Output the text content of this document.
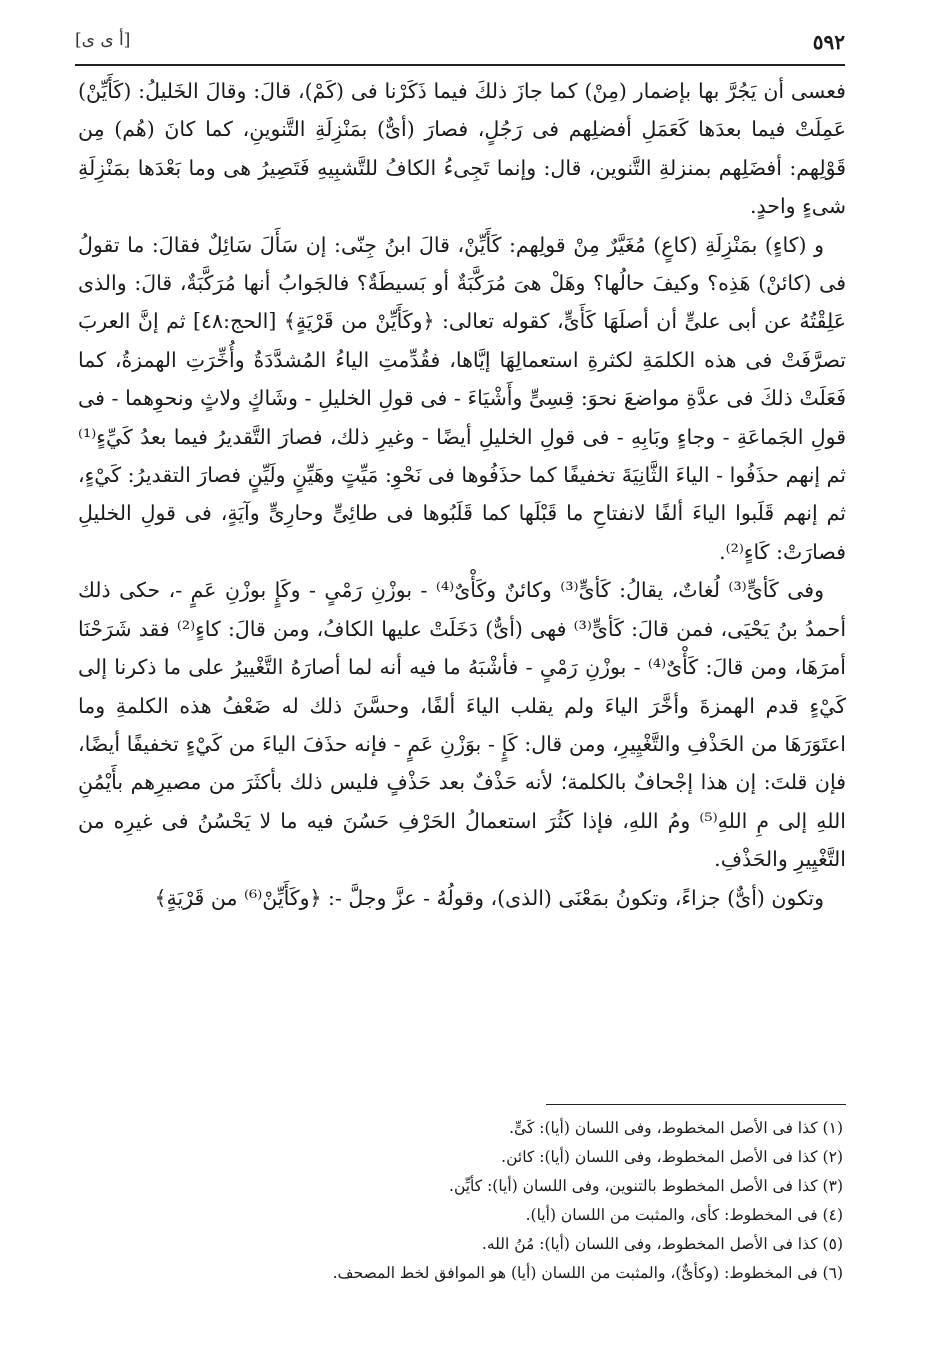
[أ ى ى]	٥٩٢

فعسى أن يَجُرَّ بها بإضمار (مِنْ) كما جازَ ذلكَ فيما ذَكَرْنا فى (كَمْ)، قالَ: وقالَ الخَليلُ: (كَأَيِّنْ) عَمِلَتْ فيما بعدَها كَعَمَلِ أفضلِهم فى رَجُلٍ، فصارَ (أىٌّ) بمَنْزِلَةِ التَّنوينِ، كما كانَ (هُم) مِن قَوْلِهم: أفضَلِهم بمنزلةِ التَّنوين، قال: وإنما تَجِىءُ الكافُ للتَّشبِيهِ فَتَصِيرُ هى وما بَعْدَها بمَنْزِلَةِ شىءٍ واحدٍ.

و (كاءٍ) بمَنْزِلَةِ (كاعٍ) مُغَيَّرٌ مِنْ قولِهم: كَأَيِّنْ، قالَ ابنُ جِنّى: إن سَأَلَ سَائِلٌ فقالَ: ما تقولُ فى (كائنْ) هَذِه؟ وكيفَ حالُها؟ وهَلْ هىَ مُرَكَّبَةٌ أو بَسيطَةٌ؟ فالجَوابُ أنها مُرَكَّبَةٌ، قالَ: والذى عَلِقْتُهُ عن أبى علىٍّ أن أصلَهَا كَأَىٍّ، كقوله تعالى: ﴿وكَأَيِّنْ من قَرْيَةٍ﴾ [الحج:٤٨] ثم إنَّ العربَ تصرَّفَتْ فى هذه الكلمَةِ لكثرةِ استعمالِهَا إيَّاها، فقُدِّمتِ الياءُ المُشدَّدَةُ وأُخِّرَتِ الهمزةُ، كما فَعَلَتْ ذلكَ فى عدَّةِ مواضعَ نحوَ: قِسِىٍّ وأَشْيَاءَ - فى قولِ الخليلِ - وشَاكٍ ولاثٍ ونحوِهما - فى قولِ الجَماعَةِ - وجاءٍ وبَابِهِ - فى قولِ الخليلِ أيضًا - وغيرِ ذلك، فصارَ التَّقديرُ فيما بعدُ كَيِّءٍ⁽¹⁾ ثم إنهم حذَفُوا - الياءَ الثَّانِيَةَ تخفيفًا كما حذَفُوها فى نَحْوِ: مَيِّتٍ وهَيِّنٍ ولَيِّنٍ فصارَ التقديرُ: كَيْءٍ، ثم إنهم قَلَبوا الياءَ ألفًا لانفتاحِ ما قَبْلَها كما قَلَبُوها فى طائِىٍّ وحارِىٍّ وآيَةٍ، فى قولِ الخليلِ فصارَتْ: كَاءٍ⁽²⁾.

وفى كَأىٍّ⁽³⁾ لُغاتٌ، يقالُ: كَأىٍّ⁽³⁾ وكائنٌ وكَأْىٌ⁽⁴⁾ - بوزْنِ رَمْىٍ - وكَإٍ بوزْنِ عَمٍ -، حكى ذلك أحمدُ بنُ يَحْيَى، فمن قالَ: كَأىٍّ⁽³⁾ فهى (أىٌّ) دَخَلَتْ عليها الكافُ، ومن قالَ: كاءٍ⁽²⁾ فقد شَرَحْنَا أمرَهَا، ومن قالَ: كَأْىٌ⁽⁴⁾ - بوزْنِ رَمْىٍ - فأشْبَهُ ما فيه أنه لما أصارَهُ التَّغْييرُ على ما ذكرنا إلى كَيْءٍ قدم الهمزةَ وأخَّرَ الياءَ ولم يقلب الياءَ ألفًا، وحسَّنَ ذلك له ضَعْفُ هذه الكلمةِ وما اعتَوَرَهَا من الحَذْفِ والتَّغْيِيرِ، ومن قال: كَإٍ - بوَزْنِ عَمٍ - فإنه حذَفَ الياءَ من كَيْءٍ تخفيفًا أيضًا، فإن قلتَ: إن هذا إجْحافٌ بالكلمة؛ لأنه حَذْفٌ بعد حَذْفٍ فليس ذلك بأكثَرَ من مصيرِهم بأَيْمُنِ اللهِ إلى مِ اللهِ⁽⁵⁾ ومُ اللهِ، فإذا كَثُرَ استعمالُ الحَرْفِ حَسُنَ فيه ما لا يَحْسُنُ فى غيرِه من التَّغْيِيرِ والحَذْفِ.

وتكون (أىٌّ) جزاءً، وتكونُ بمَعْنَى (الذى)، وقولُهُ - عزَّ وجلَّ -: ﴿وكَأَيِّنْ⁽⁶⁾ من قَرْيَةٍ﴾

(١) كذا فى الأصل المخطوط، وفى اللسان (أيا): كَىٍّ.
(٢) كذا فى الأصل المخطوط، وفى اللسان (أيا): كائن.
(٣) كذا فى الأصل المخطوط بالتنوين، وفى اللسان (أيا): كأيِّن.
(٤) فى المخطوط: كأى، والمثبت من اللسان (أيا).
(٥) كذا فى الأصل المخطوط، وفى اللسان (أيا): مُنُ الله.
(٦) فى المخطوط: (وكأىٌّ)، والمثبت من اللسان (أيا) هو الموافق لخط المصحف.
